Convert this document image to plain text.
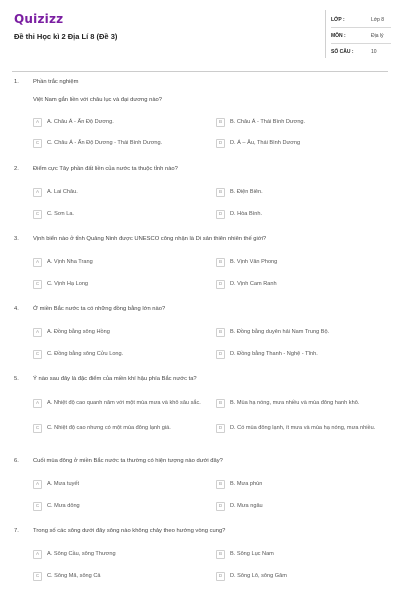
Quizizz
Đề thi Học kì 2 Địa Lí 8 (Đề 3)
LỚP :	Lớp 8
MÔN :	Địa lý
SỐ CÂU :	10
1. Phần trắc nghiệm
Việt Nam gắn liền với châu lục và đại dương nào?
A	A. Châu Á - Ấn Độ Dương.	B	B. Châu Á - Thái Bình Dương.
C	C. Châu Á - Ấn Độ Dương - Thái Bình Dương.	D	D. Á – Âu, Thái Bình Dương
2. Điểm cực Tây phần đất liền của nước ta thuộc tỉnh nào?
A	A. Lai Châu.	B	B. Điện Biên.
C	C. Sơn La.	D	D. Hòa Bình.
3. Vịnh biển nào ở tỉnh Quảng Ninh được UNESCO công nhận là Di sản thiên nhiên thế giới?
A	A. Vịnh Nha Trang	B	B. Vịnh Vân Phong
C	C. Vịnh Hạ Long	D	D. Vịnh Cam Ranh
4. Ở miền Bắc nước ta có những đồng bằng lớn nào?
A	A. Đồng bằng sông Hồng	B	B. Đồng bằng duyên hải Nam Trung Bộ.
C	C. Đồng bằng sông Cửu Long.	D	D. Đồng bằng Thanh - Nghệ - Tĩnh.
5. Ý nào sau đây là đặc điểm của miền khí hậu phía Bắc nước ta?
A	A. Nhiệt độ cao quanh năm với một mùa mưa và khô sâu sắc.	B	B. Mùa hạ nóng, mưa nhiều và mùa đông hanh khô.
C	C. Nhiệt độ cao nhưng có một mùa đông lạnh giá.	D	D. Có mùa đông lạnh, ít mưa và mùa hạ nóng, mưa nhiều.
6. Cuối mùa đông ở miền Bắc nước ta thường có hiện tượng nào dưới đây?
A	A. Mưa tuyết	B	B. Mưa phùn
C	C. Mưa dông	D	D. Mưa ngâu
7. Trong số các sông dưới đây sông nào không chảy theo hướng vòng cung?
A	A. Sông Cầu, sông Thương	B	B. Sông Lục Nam
C	C. Sông Mã, sông Cả	D	D. Sông Lô, sông Gâm
